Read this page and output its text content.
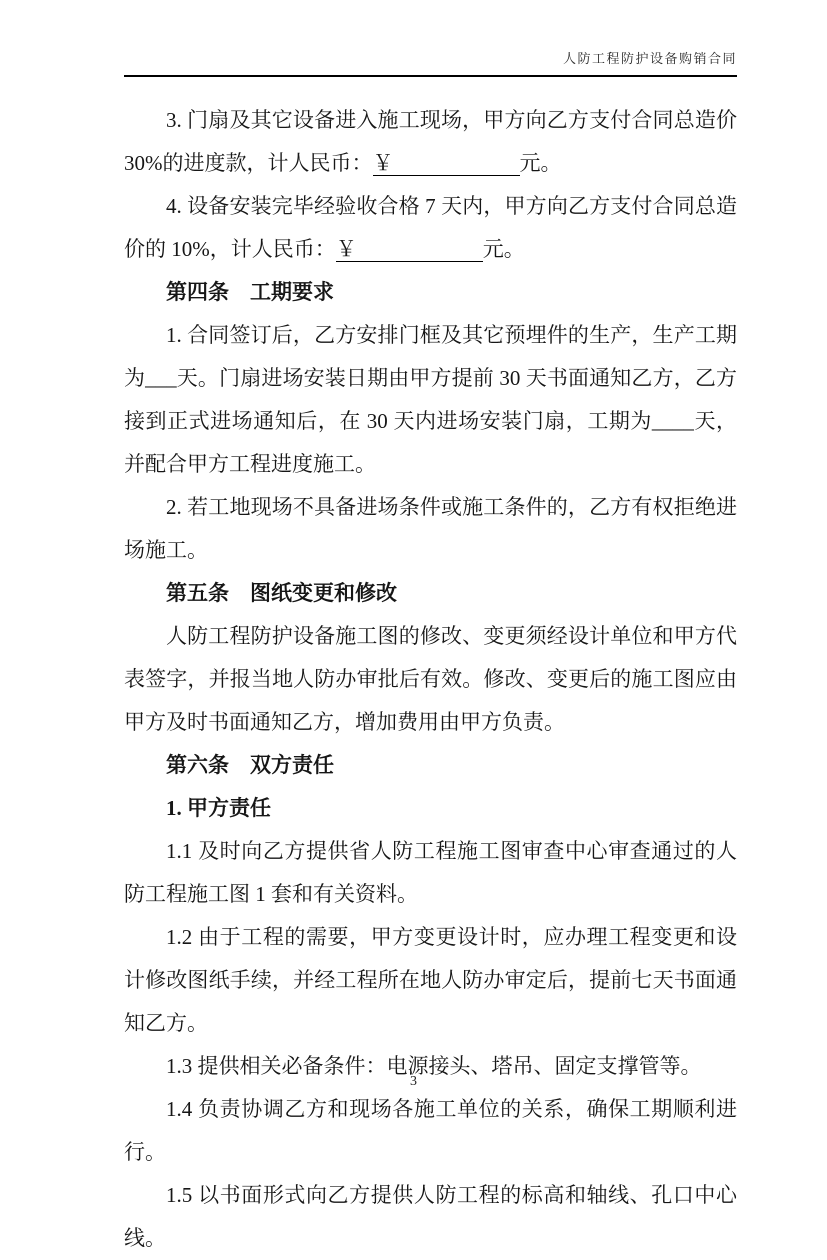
人防工程防护设备购销合同

3. 门扇及其它设备进入施工现场，甲方向乙方支付合同总造价 30%的进度款，计人民币：￥　　　　　　元。

4. 设备安装完毕经验收合格 7 天内，甲方向乙方支付合同总造价的 10%，计人民币：￥　　　　　　元。

第四条　工期要求

1. 合同签订后，乙方安排门框及其它预埋件的生产，生产工期为___天。门扇进场安装日期由甲方提前 30 天书面通知乙方，乙方接到正式进场通知后，在 30 天内进场安装门扇，工期为____天，并配合甲方工程进度施工。

2. 若工地现场不具备进场条件或施工条件的，乙方有权拒绝进场施工。

第五条　图纸变更和修改

人防工程防护设备施工图的修改、变更须经设计单位和甲方代表签字，并报当地人防办审批后有效。修改、变更后的施工图应由甲方及时书面通知乙方，增加费用由甲方负责。

第六条　双方责任

1. 甲方责任

1.1 及时向乙方提供省人防工程施工图审查中心审查通过的人防工程施工图 1 套和有关资料。

1.2 由于工程的需要，甲方变更设计时，应办理工程变更和设计修改图纸手续，并经工程所在地人防办审定后，提前七天书面通知乙方。

1.3 提供相关必备条件：电源接头、塔吊、固定支撑管等。

1.4 负责协调乙方和现场各施工单位的关系，确保工期顺利进行。

1.5 以书面形式向乙方提供人防工程的标高和轴线、孔口中心线。

3
